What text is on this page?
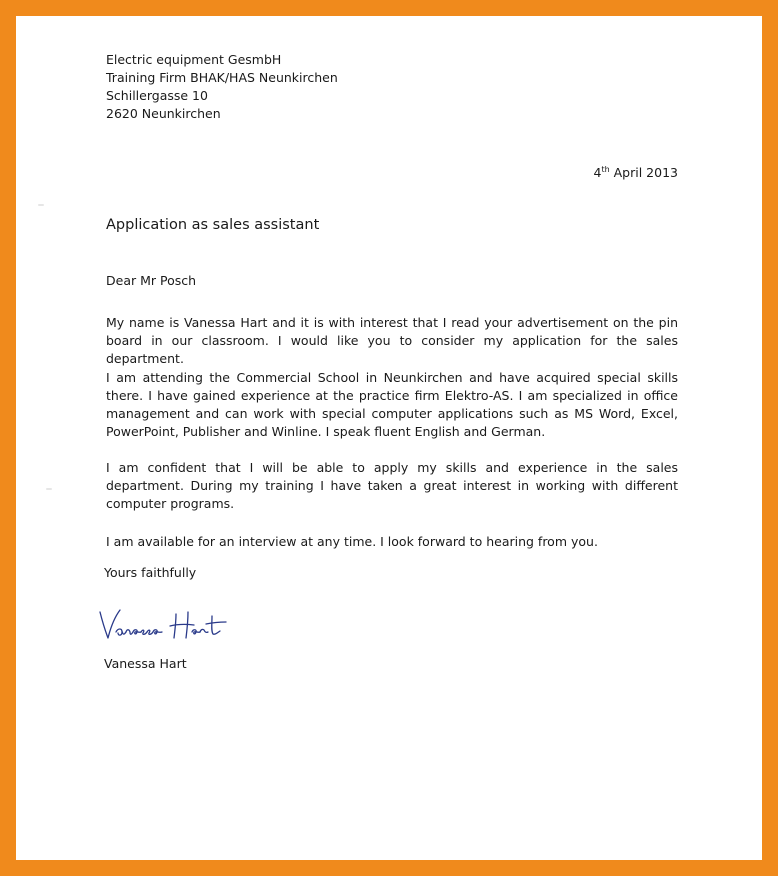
Electric equipment GesmbH
Training Firm BHAK/HAS Neunkirchen
Schillergasse 10
2620 Neunkirchen
4th April 2013
Application as sales assistant
Dear Mr Posch
My name is Vanessa Hart and it is with interest that I read your advertisement on the pin board in our classroom. I would like you to consider my application for the sales department.
I am attending the Commercial School in Neunkirchen and have acquired special skills there. I have gained experience at the practice firm Elektro-AS. I am specialized in office management and can work with special computer applications such as MS Word, Excel, PowerPoint, Publisher and Winline. I speak fluent English and German.
I am confident that I will be able to apply my skills and experience in the sales department. During my training I have taken a great interest in working with different computer programs.
I am available for an interview at any time. I look forward to hearing from you.
Yours faithfully
Vanessa Hart
